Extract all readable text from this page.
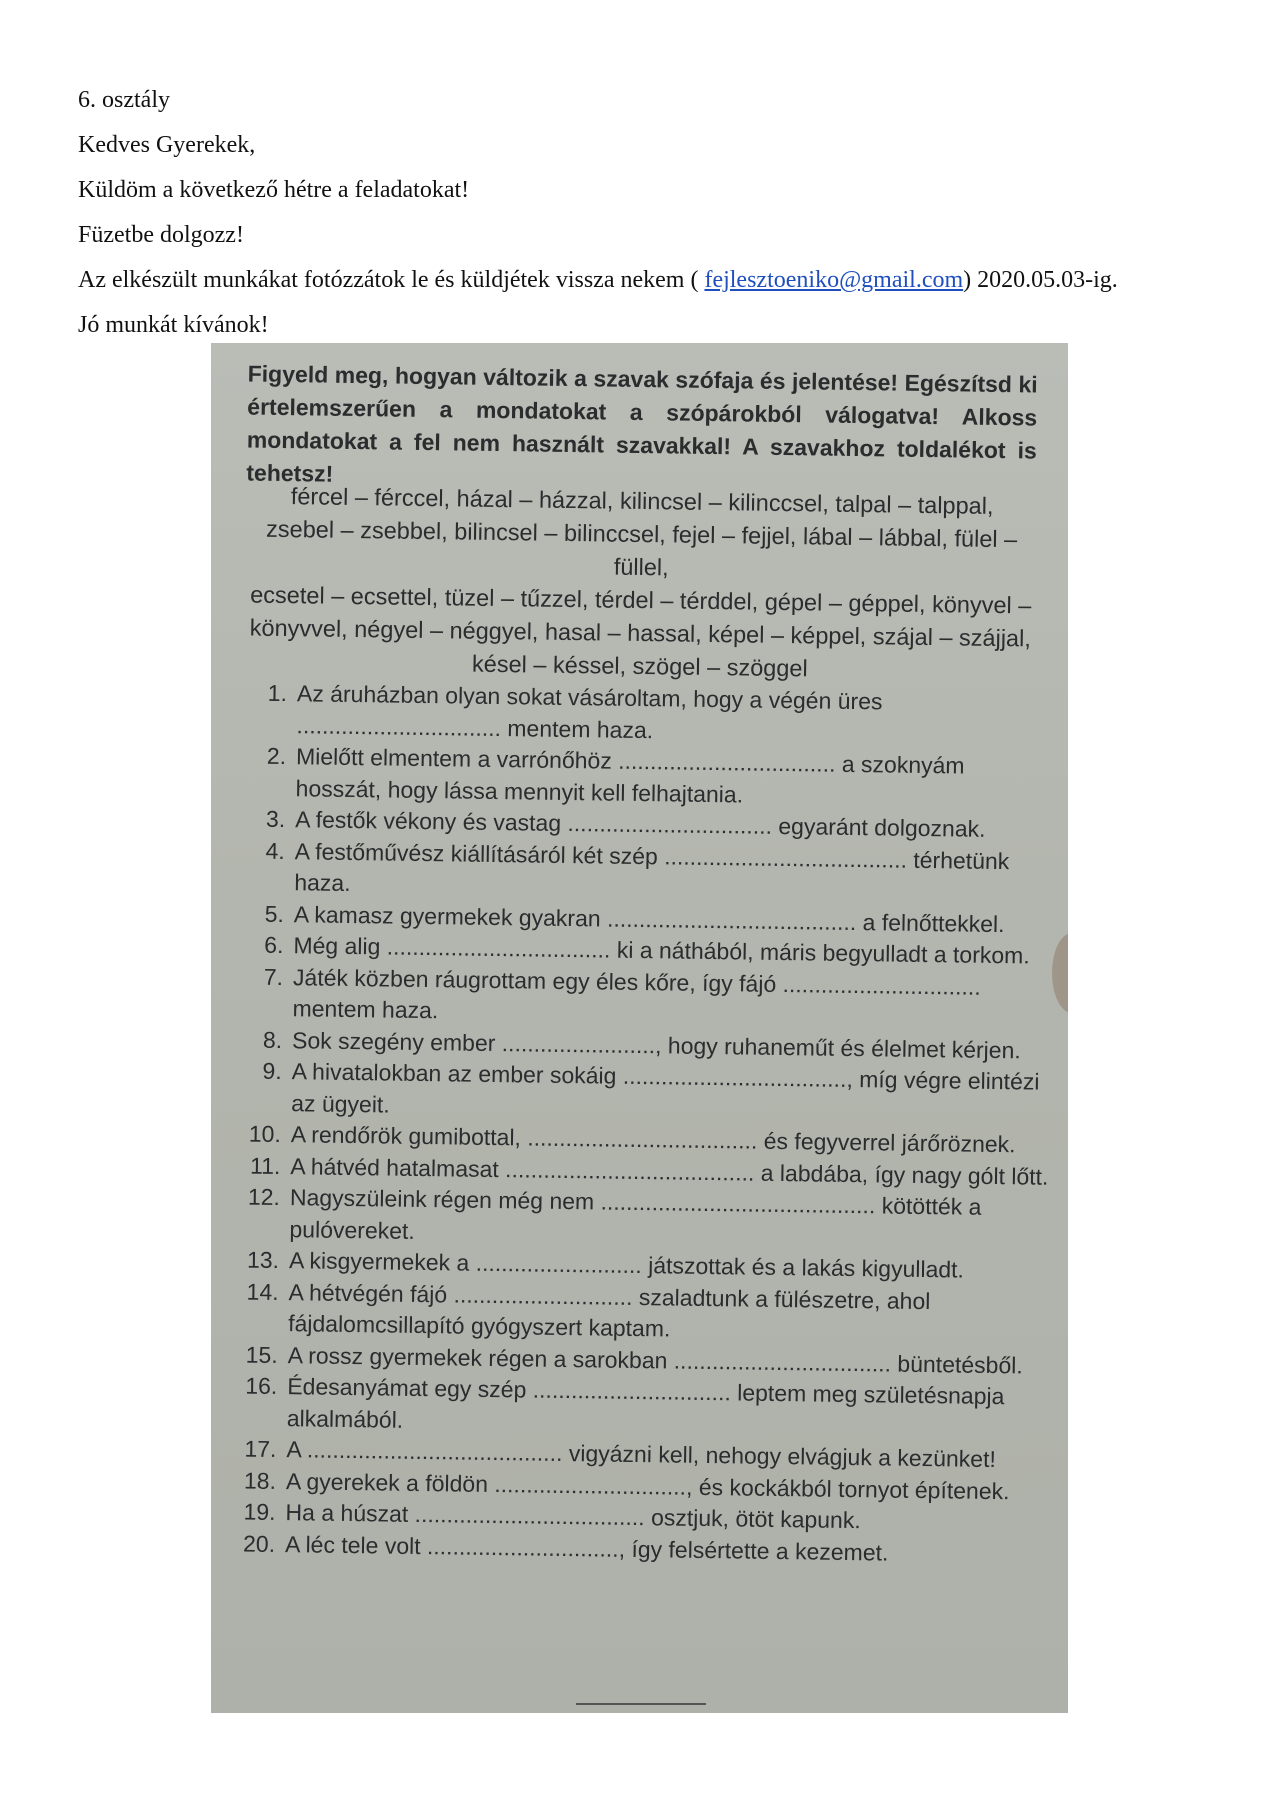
6. osztály

Kedves Gyerekek,

Küldöm a következő hétre a feladatokat!

Füzetbe dolgozz!

Az elkészült munkákat fotózzátok le és küldjétek vissza nekem ( fejlesztoeniko@gmail.com) 2020.05.03-ig.

Jó munkát kívánok!

Figyeld meg, hogyan változik a szavak szófaja és jelentése! Egészítsd ki értelemszerűen a mondatokat a szópárokból válogatva! Alkoss mondatokat a fel nem használt szavakkal! A szavakhoz toldalékot is tehetsz!
fércel – férccel, házal – házzal, kilincsel – kilinccsel, talpal – talppal,
zsebel – zsebbel, bilincsel – bilinccsel, fejel – fejjel, lábal – lábbal, fülel – füllel,
ecsetel – ecsettel, tüzel – tűzzel, térdel – térddel, gépel – géppel, könyvel –
könyvvel, négyel – néggyel, hasal – hassal, képel – képpel, szájal – szájjal,
késel – késsel, szögel – szöggel
1. Az áruházban olyan sokat vásároltam, hogy a végén üres ................................ mentem haza.
2. Mielőtt elmentem a varrónőhöz .................................. a szoknyám hosszát, hogy lássa mennyit kell felhajtania.
3. A festők vékony és vastag ................................ egyaránt dolgoznak.
4. A festőművész kiállításáról két szép ...................................... térhetünk haza.
5. A kamasz gyermekek gyakran ....................................... a felnőttekkel.
6. Még alig ................................... ki a náthából, máris begyulladt a torkom.
7. Játék közben ráugrottam egy éles kőre, így fájó ............................... mentem haza.
8. Sok szegény ember ........................, hogy ruhaneműt és élelmet kérjen.
9. A hivatalokban az ember sokáig ..................................., míg végre elintézi az ügyeit.
10. A rendőrök gumibottal, .................................... és fegyverrel járőröznek.
11. A hátvéd hatalmasat ....................................... a labdába, így nagy gólt lőtt.
12. Nagyszüleink régen még nem ........................................... kötötték a pulóvereket.
13. A kisgyermekek a .......................... játszottak és a lakás kigyulladt.
14. A hétvégén fájó ............................ szaladtunk a fülészetre, ahol fájdalomcsillapító gyógyszert kaptam.
15. A rossz gyermekek régen a sarokban .................................. büntetésből.
16. Édesanyámat egy szép ............................... leptem meg születésnapja alkalmából.
17. A ........................................ vigyázni kell, nehogy elvágjuk a kezünket!
18. A gyerekek a földön .............................., és kockákból tornyot építenek.
19. Ha a húszat .................................... osztjuk, ötöt kapunk.
20. A léc tele volt .............................., így felsértette a kezemet.
